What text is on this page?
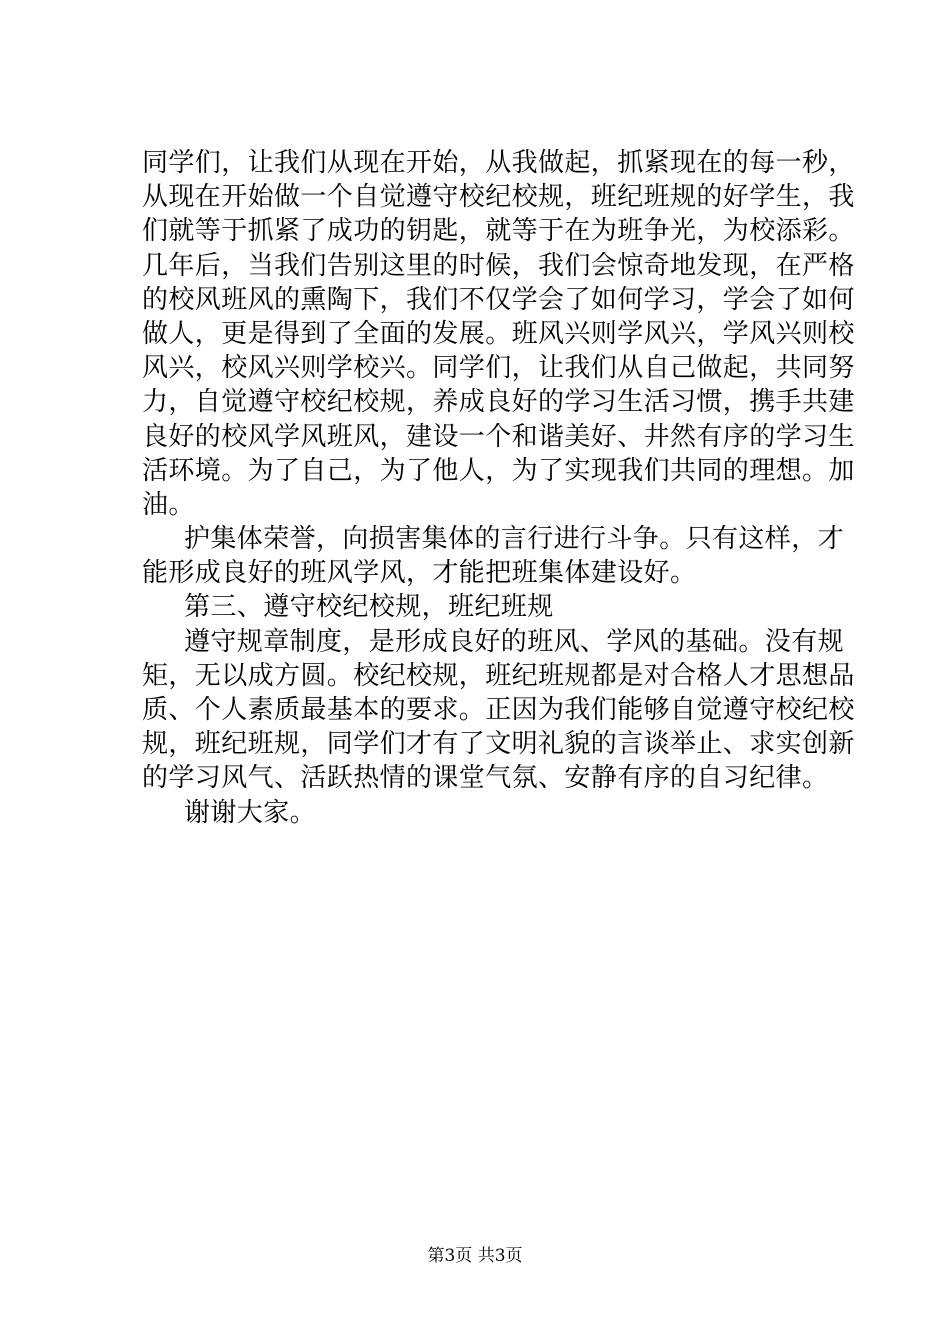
同学们，让我们从现在开始，从我做起，抓紧现在的每一秒，
从现在开始做一个自觉遵守校纪校规，班纪班规的好学生，我
们就等于抓紧了成功的钥匙，就等于在为班争光，为校添彩。
几年后，当我们告别这里的时候，我们会惊奇地发现，在严格
的校风班风的熏陶下，我们不仅学会了如何学习，学会了如何
做人，更是得到了全面的发展。班风兴则学风兴，学风兴则校
风兴，校风兴则学校兴。同学们，让我们从自己做起，共同努
力，自觉遵守校纪校规，养成良好的学习生活习惯，携手共建
良好的校风学风班风，建设一个和谐美好、井然有序的学习生
活环境。为了自己，为了他人，为了实现我们共同的理想。加
油。
护集体荣誉，向损害集体的言行进行斗争。只有这样，才
能形成良好的班风学风，才能把班集体建设好。
第三、遵守校纪校规，班纪班规
遵守规章制度，是形成良好的班风、学风的基础。没有规
矩，无以成方圆。校纪校规，班纪班规都是对合格人才思想品
质、个人素质最基本的要求。正因为我们能够自觉遵守校纪校
规，班纪班规，同学们才有了文明礼貌的言谈举止、求实创新
的学习风气、活跃热情的课堂气氛、安静有序的自习纪律。
谢谢大家。
第3页 共3页
